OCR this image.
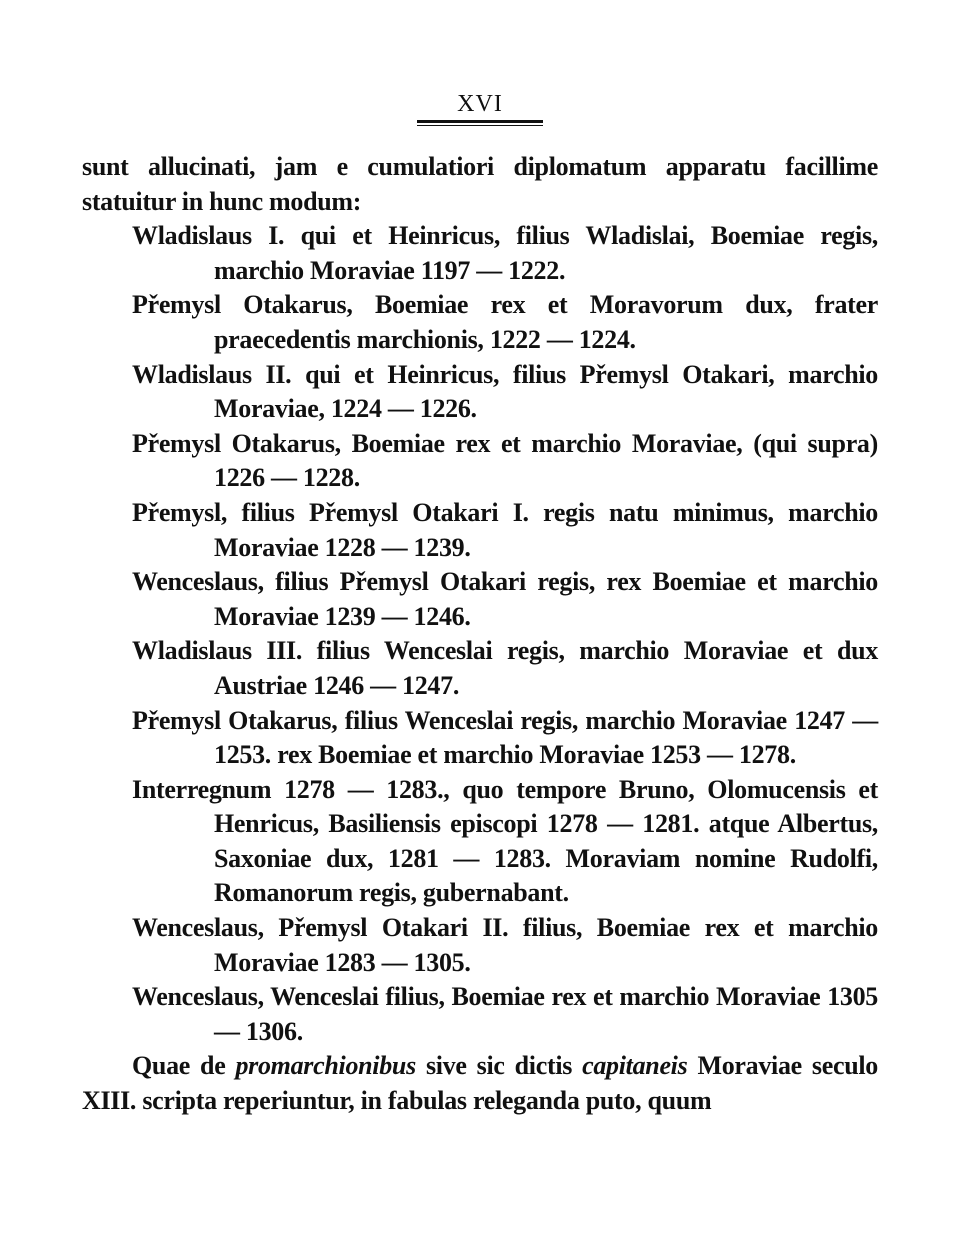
XVI

sunt allucinati, jam e cumulatiori diplomatum apparatu facillime statuitur in hunc modum:

Wladislaus I. qui et Heinricus, filius Wladislai, Boemiae regis, marchio Moraviae 1197 — 1222.

Přemysl Otakarus, Boemiae rex et Moravorum dux, frater praecedentis marchionis, 1222 — 1224.

Wladislaus II. qui et Heinricus, filius Přemysl Otakari, marchio Moraviae, 1224 — 1226.

Přemysl Otakarus, Boemiae rex et marchio Moraviae, (qui supra) 1226 — 1228.

Přemysl, filius Přemysl Otakari I. regis natu minimus, marchio Moraviae 1228 — 1239.

Wenceslaus, filius Přemysl Otakari regis, rex Boemiae et marchio Moraviae 1239 — 1246.

Wladislaus III. filius Wenceslai regis, marchio Moraviae et dux Austriae 1246 — 1247.

Přemysl Otakarus, filius Wenceslai regis, marchio Moraviae 1247 — 1253. rex Boemiae et marchio Moraviae 1253 — 1278.

Interregnum 1278 — 1283., quo tempore Bruno, Olomucensis et Henricus, Basiliensis episcopi 1278 — 1281. atque Albertus, Saxoniae dux, 1281 — 1283. Moraviam nomine Rudolfi, Romanorum regis, gubernabant.

Wenceslaus, Přemysl Otakari II. filius, Boemiae rex et marchio Moraviae 1283 — 1305.

Wenceslaus, Wenceslai filius, Boemiae rex et marchio Moraviae 1305 — 1306.

Quae de promarchionibus sive sic dictis capitaneis Moraviae seculo XIII. scripta reperiuntur, in fabulas releganda puto, quum
